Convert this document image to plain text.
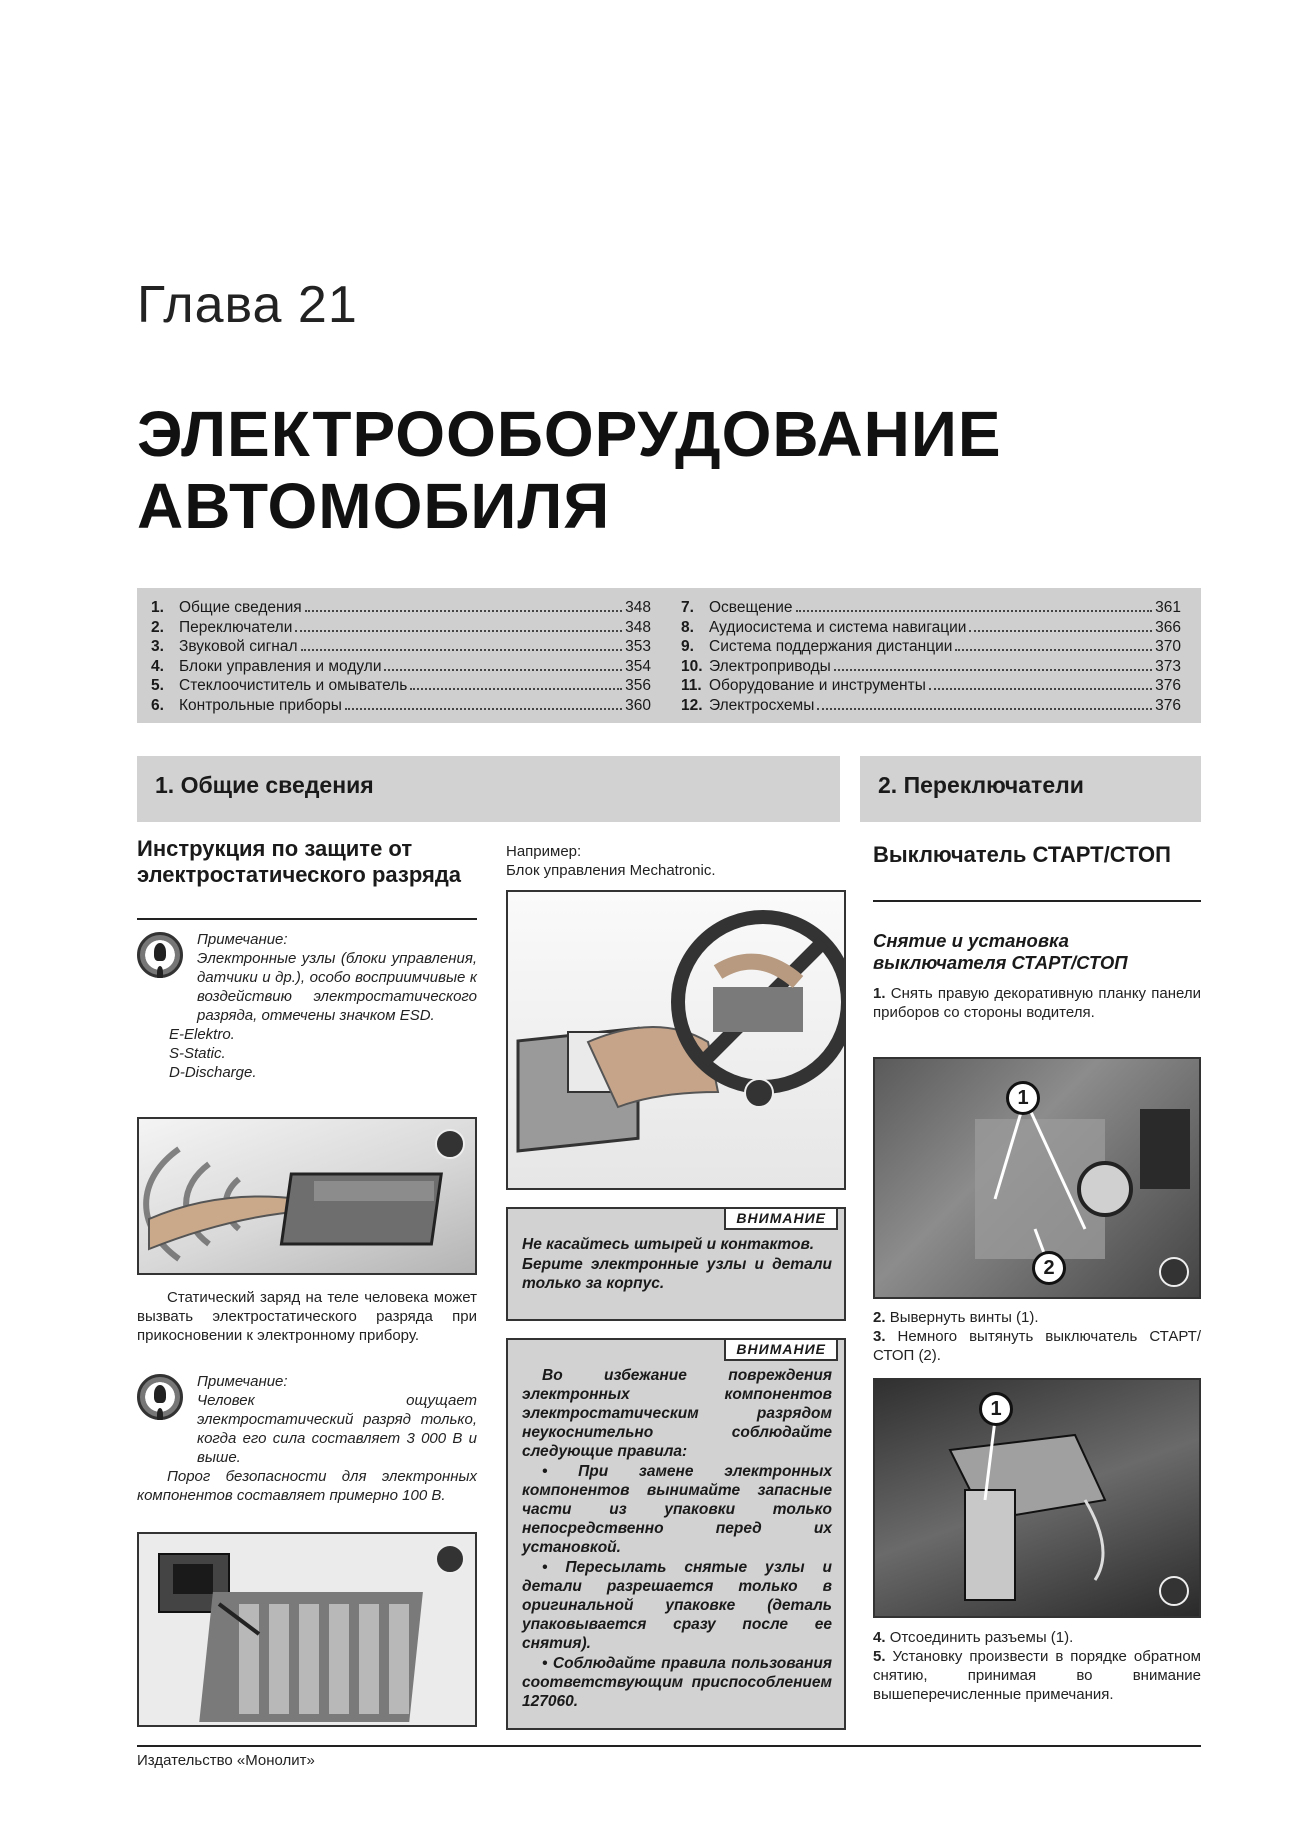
Глава 21
ЭЛЕКТРООБОРУДОВАНИЕ
АВТОМОБИЛЯ
1. Общие сведения	348
2. Переключатели	348
3. Звуковой сигнал	353
4. Блоки управления и модули	354
5. Стеклоочиститель и омыватель	356
6. Контрольные приборы	360
7. Освещение	361
8. Аудиосистема и система навигации	366
9. Система поддержания дистанции	370
10. Электроприводы	373
11. Оборудование и инструменты	376
12. Электросхемы	376
1. Общие сведения	2. Переключатели
Инструкция по защите от электростатического разряда
Примечание:

Электронные узлы (блоки управления, датчики и др.), особо восприимчивые к воздействию электростатического разряда, отмечены значком ESD.

E-Elektro.
S-Static.
D-Discharge.
Статический заряд на теле человека может вызвать электростатического разряда при прикосновении к электронному прибору.
Примечание:

Человек ощущает электростатический разряд только, когда его сила составляет 3 000 В и выше.

Порог безопасности для электронных компонентов составляет примерно 100 В.

Например:
Блок управления Mechatronic.
ВНИМАНИЕ

Не касайтесь штырей и контактов.

Берите электронные узлы и детали только за корпус.

ВНИМАНИЕ

Во избежание повреждения электронных компонентов электростатическим разрядом неукоснительно соблюдайте следующие правила:

• При замене электронных компонентов вынимайте запасные части из упаковки только непосредственно перед их установкой.

• Пересылать снятые узлы и детали разрешается только в оригинальной упаковке (деталь упаковывается сразу после ее снятия).

• Соблюдайте правила пользования соответствующим приспособлением 127060.

Выключатель СТАРТ/СТОП
Снятие и установка выключателя СТАРТ/СТОП
1. Снять правую декоративную планку панели приборов со стороны водителя.
1
2
2. Вывернуть винты (1).
3. Немного вытянуть выключатель СТАРТ/СТОП (2).
1
4. Отсоединить разъемы (1).
5. Установку произвести в порядке обратном снятию, принимая во внимание вышеперечисленные примечания.
Издательство «Монолит»
